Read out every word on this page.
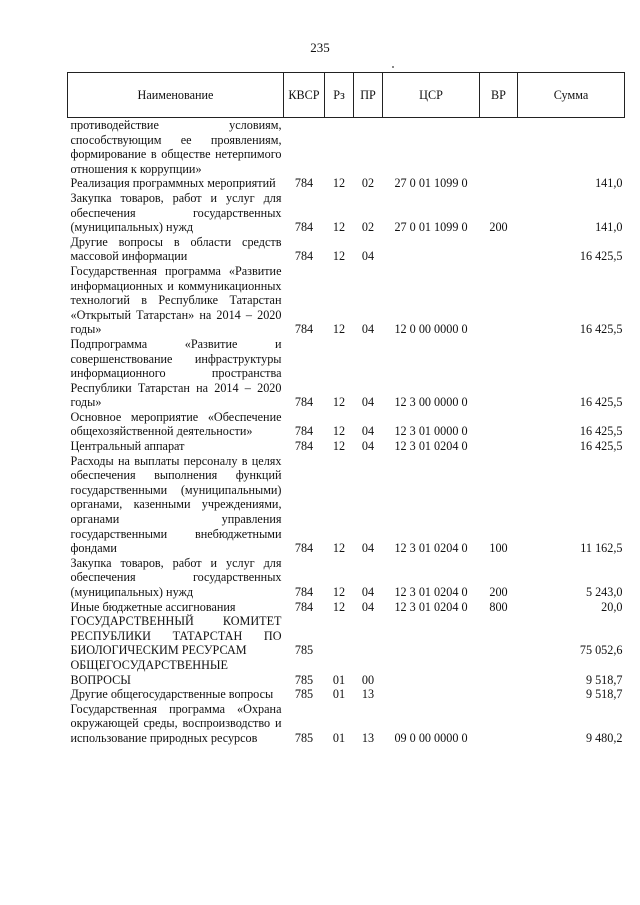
235
Наименование	КВСР	Рз	ПР	ЦСР	ВР	Сумма
противодействие условиям, способствующим ее проявлениям, формирование в обществе нетерпимого отношения к коррупции»						
Реализация программных мероприятий	784	12	02	27 0 01 1099 0		141,0
Закупка товаров, работ и услуг для обеспечения государственных (муниципальных) нужд	784	12	02	27 0 01 1099 0	200	141,0
Другие вопросы в области средств массовой информации	784	12	04			16 425,5
Государственная программа «Развитие информационных и коммуникационных технологий в Республике Татарстан «Открытый Татарстан» на 2014 – 2020 годы»	784	12	04	12 0 00 0000 0		16 425,5
Подпрограмма «Развитие и совершенствование инфраструктуры информационного пространства Республики Татарстан на 2014 – 2020 годы»	784	12	04	12 3 00 0000 0		16 425,5
Основное мероприятие «Обеспечение общехозяйственной деятельности»	784	12	04	12 3 01 0000 0		16 425,5
Центральный аппарат	784	12	04	12 3 01 0204 0		16 425,5
Расходы на выплаты персоналу в целях обеспечения выполнения функций государственными (муниципальными) органами, казенными учреждениями, органами управления государственными внебюджетными фондами	784	12	04	12 3 01 0204 0	100	11 162,5
Закупка товаров, работ и услуг для обеспечения государственных (муниципальных) нужд	784	12	04	12 3 01 0204 0	200	5 243,0
Иные бюджетные ассигнования	784	12	04	12 3 01 0204 0	800	20,0
ГОСУДАРСТВЕННЫЙ КОМИТЕТ РЕСПУБЛИКИ ТАТАРСТАН ПО БИОЛОГИЧЕСКИМ РЕСУРСАМ	785					75 052,6
ОБЩЕГОСУДАРСТВЕННЫЕ ВОПРОСЫ	785	01	00			9 518,7
Другие общегосударственные вопросы	785	01	13			9 518,7
Государственная программа «Охрана окружающей среды, воспроизводство и использование природных ресурсов	785	01	13	09 0 00 0000 0		9 480,2
